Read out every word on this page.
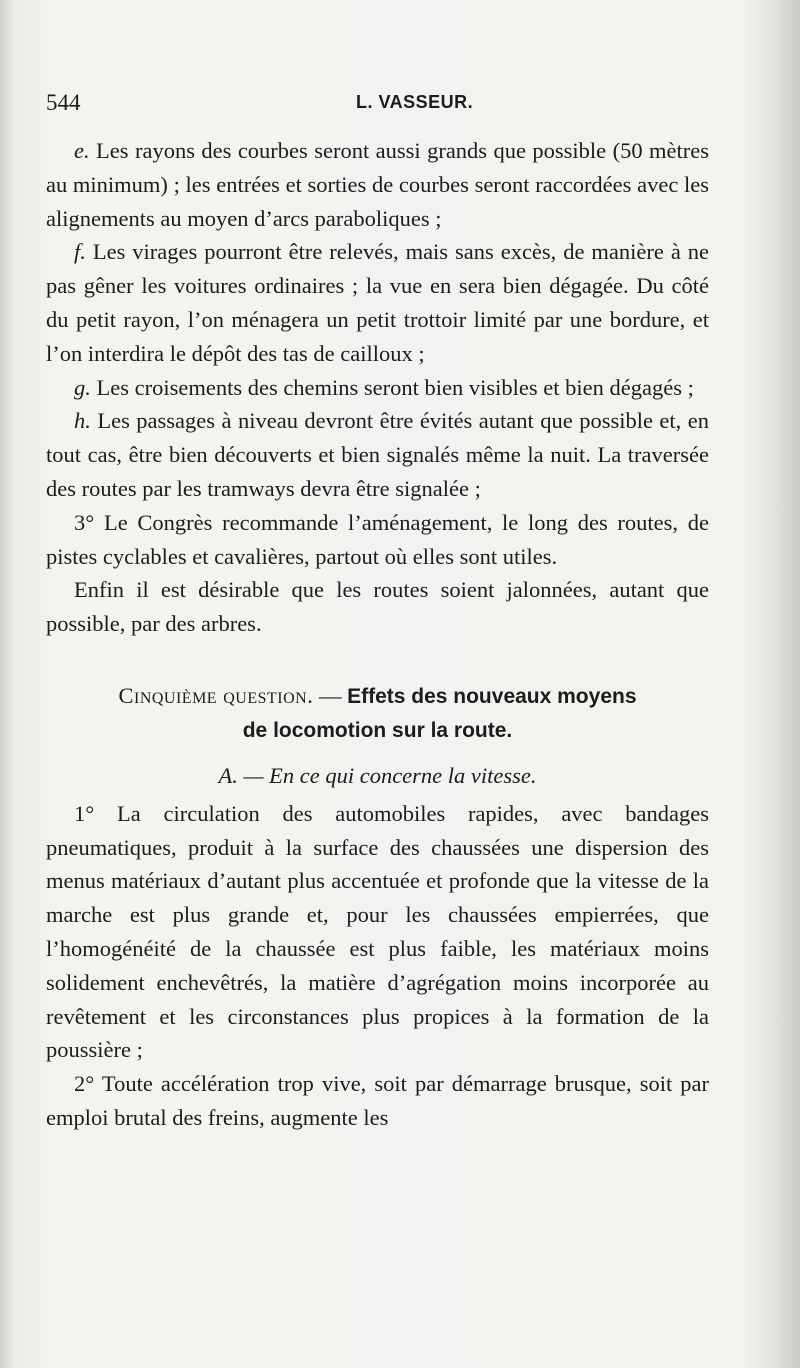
544	L. VASSEUR.

e. Les rayons des courbes seront aussi grands que possible (50 mètres au minimum) ; les entrées et sorties de courbes seront raccordées avec les alignements au moyen d’arcs paraboliques ;

f. Les virages pourront être relevés, mais sans excès, de manière à ne pas gêner les voitures ordinaires ; la vue en sera bien dégagée. Du côté du petit rayon, l’on ménagera un petit trottoir limité par une bordure, et l’on interdira le dépôt des tas de cailloux ;

g. Les croisements des chemins seront bien visibles et bien dégagés ;

h. Les passages à niveau devront être évités autant que possible et, en tout cas, être bien découverts et bien signalés même la nuit. La traversée des routes par les tramways devra être signalée ;

3° Le Congrès recommande l’aménagement, le long des routes, de pistes cyclables et cavalières, partout où elles sont utiles.

Enfin il est désirable que les routes soient jalonnées, autant que possible, par des arbres.

Cinquième question. — Effets des nouveaux moyens
de locomotion sur la route.
A. — En ce qui concerne la vitesse.

1° La circulation des automobiles rapides, avec bandages pneumatiques, produit à la surface des chaussées une dispersion des menus matériaux d’autant plus accentuée et profonde que la vitesse de la marche est plus grande et, pour les chaussées empierrées, que l’homogénéité de la chaussée est plus faible, les matériaux moins solidement enchevêtrés, la matière d’agrégation moins incorporée au revêtement et les circonstances plus propices à la formation de la poussière ;

2° Toute accélération trop vive, soit par démarrage brusque, soit par emploi brutal des freins, augmente les
